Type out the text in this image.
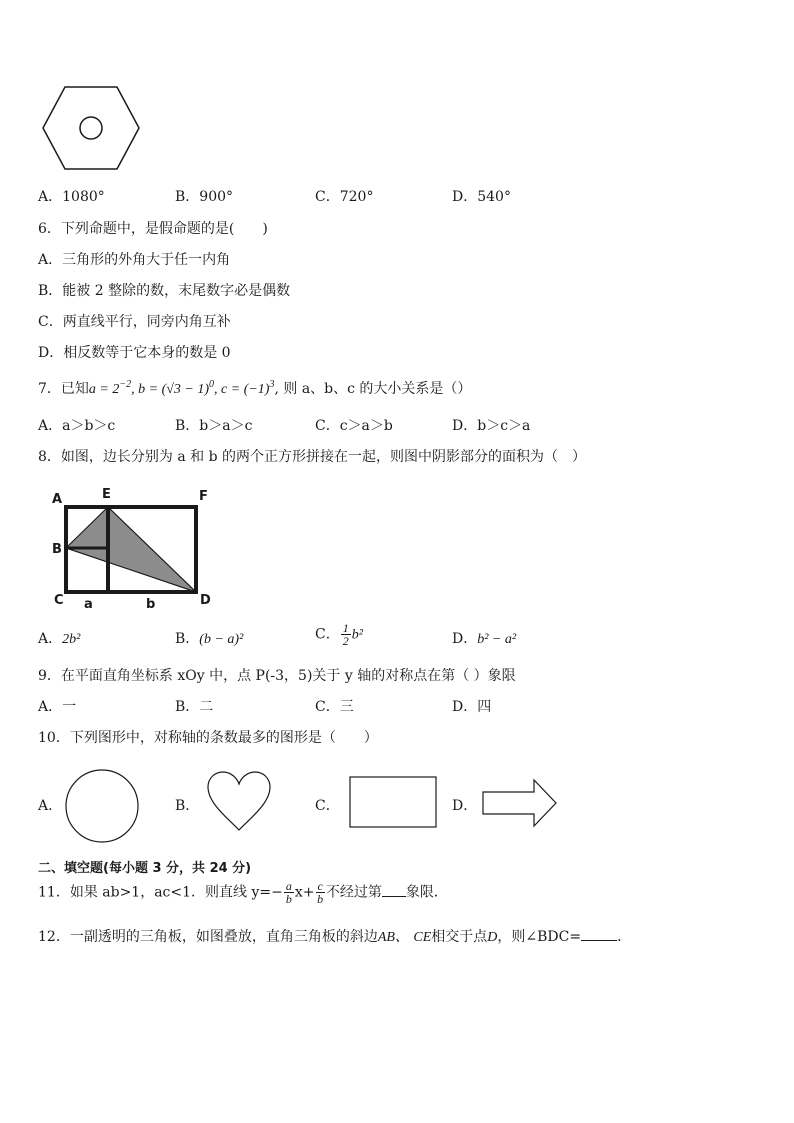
A．1080°	B．900°	C．720°	D．540°
6．下列命题中，是假命题的是(　　)
A．三角形的外角大于任一内角
B．能被 2 整除的数，末尾数字必是偶数
C．两直线平行，同旁内角互补
D．相反数等于它本身的数是 0
7．已知$a = 2^{-2}$, $b = (√3 - 1)^0$, $c = (-1)^3$, 则 a、b、c 的大小关系是（）
A．a＞b＞c	B．b＞a＞c	C．c＞a＞b	D．b＞c＞a
8．如图，边长分别为 a 和 b 的两个正方形拼接在一起，则图中阴影部分的面积为（　）
A	E	F
B
C	D
a	b
A．2b²	B．(b − a)²	C． $\frac{1}{2} b^2$	D．b² − a²
9．在平面直角坐标系 xOy 中，点 P(-3，5)关于 y 轴的对称点在第（ ）象限
A．一	B．二	C．三	D．四
10．下列图形中，对称轴的条数最多的图形是（　　）
A．	B．	C．	D．
二、填空题(每小题 3 分，共 24 分)
11．如果 ab>1，ac<1．则直线 $y=- \frac{a}{b} x+ \frac{c}{b}$ 不经过第 象限．
12．一副透明的三角板，如图叠放，直角三角板的斜边AB、 CE相交于点D，则∠BDC=	．
